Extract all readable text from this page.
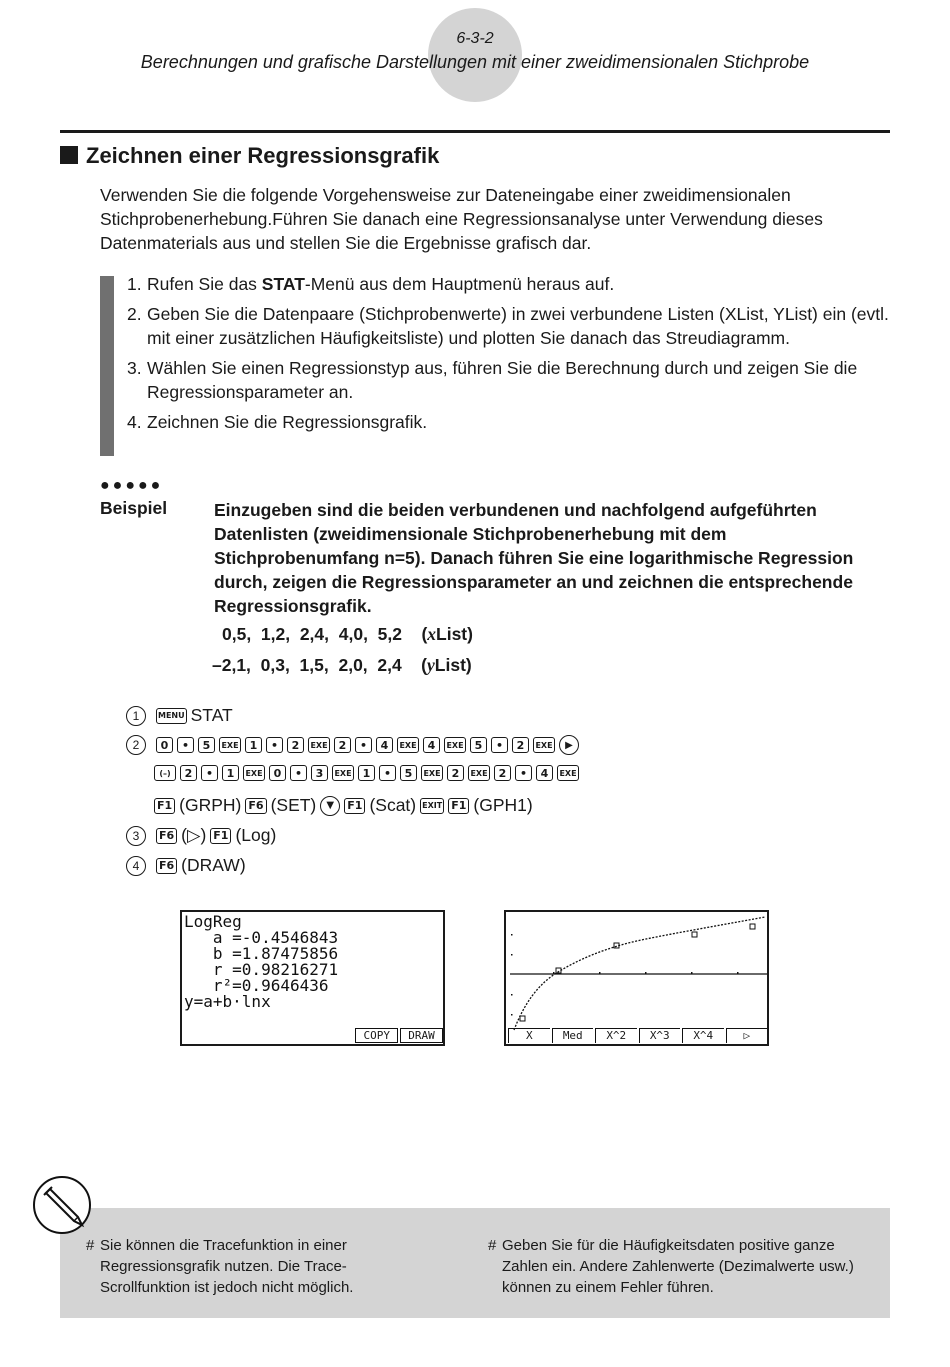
6-3-2
Berechnungen und grafische Darstellungen mit einer zweidimensionalen Stichprobe
Zeichnen einer Regressionsgrafik
Verwenden Sie die folgende Vorgehensweise zur Dateneingabe einer zweidimensionalen Stichprobenerhebung.Führen Sie danach eine Regressionsanalyse unter Verwendung dieses Datenmaterials aus und stellen Sie die Ergebnisse grafisch dar.
1. Rufen Sie das STAT-Menü aus dem Hauptmenü heraus auf.
2. Geben Sie die Datenpaare (Stichprobenwerte) in zwei verbundene Listen (XList, YList) ein (evtl. mit einer zusätzlichen Häufigkeitsliste) und plotten Sie danach das Streudiagramm.
3. Wählen Sie einen Regressionstyp aus, führen Sie die Berechnung durch und zeigen Sie die Regressionsparameter an.
4. Zeichnen Sie die Regressionsgrafik.
●●●●●
Beispiel	Einzugeben sind die beiden verbundenen und nachfolgend aufgeführten Datenlisten (zweidimensionale Stichprobenerhebung mit dem Stichprobenumfang n=5). Danach führen Sie eine logarithmische Regression durch, zeigen die Regressionsparameter an und zeichnen die entsprechende Regressionsgrafik.
0,5,  1,2,  2,4,  4,0,  5,2 (xList)
–2,1,  0,3,  1,5,  2,0,  2,4 (yList)
1	MENU STAT
2	0	•	5	EXE	1	•	2	EXE	2	•	4	EXE	4	EXE	5	•	2	EXE	▶
(–)	2	•	1	EXE	0	•	3	EXE	1	•	5	EXE	2	EXE	2	•	4	EXE
F1 (GRPH) F6 (SET)	▼	F1 (Scat) EXIT F1 (GPH1)
3	F6 (▷) F1 (Log)
4	F6 (DRAW)
LogReg
a =-0.4546843
b =1.87475856
r =0.98216271
r²=0.9646436
y=a+b·lnx
COPY	DRAW	X	Med	X^2	X^3	X^4	▷
# Sie können die Tracefunktion in einer Regressionsgrafik nutzen. Die Trace-Scrollfunktion ist jedoch nicht möglich.
# Geben Sie für die Häufigkeitsdaten positive ganze Zahlen ein. Andere Zahlenwerte (Dezimalwerte usw.) können zu einem Fehler führen.
